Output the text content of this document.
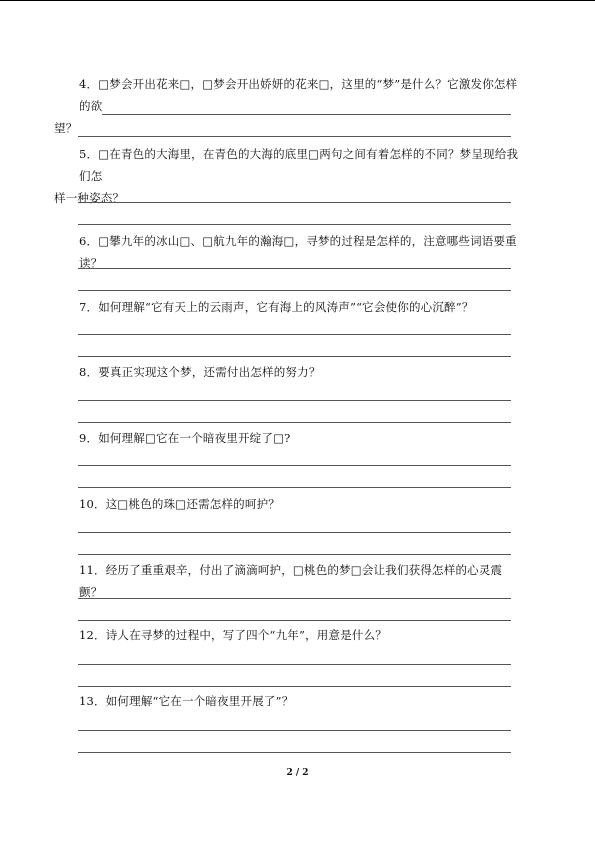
4．□梦会开出花来□，□梦会开出娇妍的花来□，这里的“梦”是什么？它激发你怎样的欲
望？
5．□在青色的大海里，在青色的大海的底里□两句之间有着怎样的不同？梦呈现给我们怎
样一种姿态？
6．□攀九年的冰山□、□航九年的瀚海□，寻梦的过程是怎样的，注意哪些词语要重读？
7．如何理解“它有天上的云雨声，它有海上的风涛声”“它会使你的心沉醉”？
8．要真正实现这个梦，还需付出怎样的努力？
9．如何理解□它在一个暗夜里开绽了□?
10．这□桃色的珠□还需怎样的呵护？
11．经历了重重艰辛，付出了滴滴呵护，□桃色的梦□会让我们获得怎样的心灵震颤？
12．诗人在寻梦的过程中，写了四个“九年”，用意是什么？
13．如何理解“它在一个暗夜里开展了”？
2 / 2
